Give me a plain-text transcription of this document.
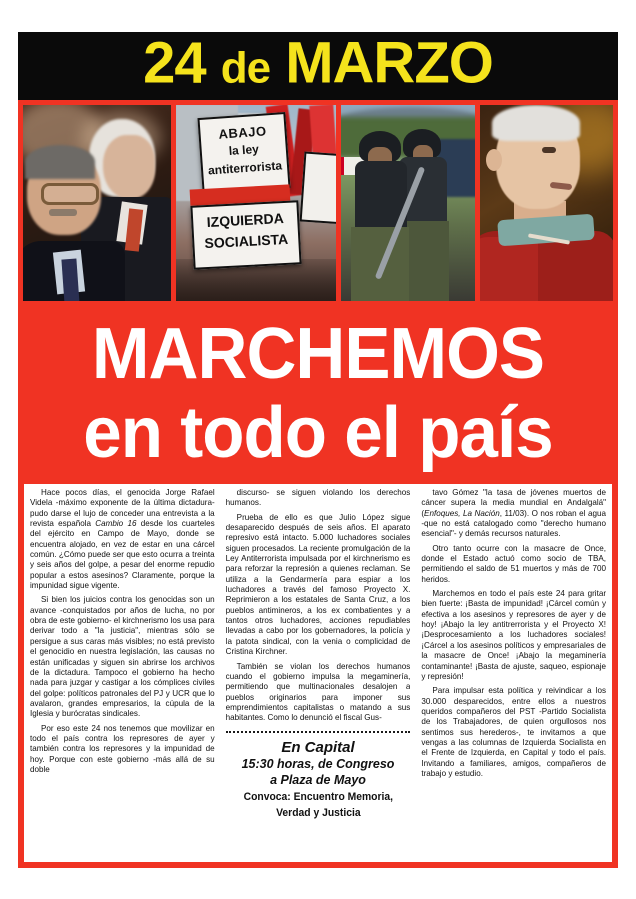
24 de MARZO
ABAJO
la ley
antiterrorista
IZQUIERDA
SOCIALISTA
MARCHEMOS
en todo el país

Hace pocos días, el genocida Jorge Rafael Videla -máximo exponente de la última dictadura- pudo darse el lujo de conceder una entrevista a la revista española Cambio 16 desde los cuarteles del ejército en Campo de Mayo, donde se encuentra alojado, en vez de estar en una cárcel común. ¿Cómo puede ser que esto ocurra a treinta y seis años del golpe, a pesar del enorme repudio popular a estos asesinos? Claramente, porque la impunidad sigue vigente.

Si bien los juicios contra los genocidas son un avance -conquistados por años de lucha, no por obra de este gobierno- el kirchnerismo los usa para derivar todo a "la justicia", mientras sólo se persigue a sus caras más visibles; no está previsto el genocidio en nuestra legislación, las causas no están unificadas y siguen sin abrirse los archivos de la dictadura. Tampoco el gobierno ha hecho nada para juzgar y castigar a los cómplices civiles del golpe: políticos patronales del PJ y UCR que lo avalaron, grandes empresarios, la cúpula de la Iglesia y burócratas sindicales.

Por eso este 24 nos tenemos que movilizar en todo el país contra los represores de ayer y también contra los represores y la impunidad de hoy. Porque con este gobierno -más allá de su doble

discurso- se siguen violando los derechos humanos.

Prueba de ello es que Julio López sigue desaparecido después de seis años. El aparato represivo está intacto. 5.000 luchadores sociales siguen procesados. La reciente promulgación de la Ley Antiterrorista impulsada por el kirchnerismo es para reforzar la represión a quienes reclaman. Se utiliza a la Gendarmería para espiar a los luchadores a través del famoso Proyecto X. Reprimieron a los estatales de Santa Cruz, a los pueblos antimineros, a los ex combatientes y a tantos otros luchadores, acciones repudiables llevadas a cabo por los gobernadores, la policía y la patota sindical, con la venia o complicidad de Cristina Kirchner.

También se violan los derechos humanos cuando el gobierno impulsa la megaminería, permitiendo que multinacionales desalojen a pueblos originarios para imponer sus emprendimientos capitalistas o matando a sus habitantes. Como lo denunció el fiscal Gus-

En Capital
15:30 horas, de Congreso
a Plaza de Mayo
Convoca: Encuentro Memoria,
Verdad y Justicia

tavo Gómez "la tasa de jóvenes muertos de cáncer supera la media mundial en Andalgalá" (Enfoques, La Nación, 11/03). O nos roban el agua -que no está catalogado como "derecho humano esencial"- y demás recursos naturales.

Otro tanto ocurre con la masacre de Once, donde el Estado actuó como socio de TBA, permitiendo el saldo de 51 muertos y más de 700 heridos.

Marchemos en todo el país este 24 para gritar bien fuerte: ¡Basta de impunidad! ¡Cárcel común y efectiva a los asesinos y represores de ayer y de hoy! ¡Abajo la ley antitrerrorista y el Proyecto X! ¡Desprocesamiento a los luchadores sociales! ¡Cárcel a los asesinos políticos y empresariales de la masacre de Once! ¡Abajo la megaminería contaminante! ¡Basta de ajuste, saqueo, espionaje y represión!

Para impulsar esta política y reivindicar a los 30.000 desparecidos, entre ellos a nuestros queridos compañeros del PST -Partido Socialista de los Trabajadores, de quien orgullosos nos sentimos sus herederos-, te invitamos a que vengas a las columnas de Izquierda Socialista en el Frente de Izquierda, en Capital y todo el país. Invitando a familiares, amigos, compañeros de trabajo y estudio.
